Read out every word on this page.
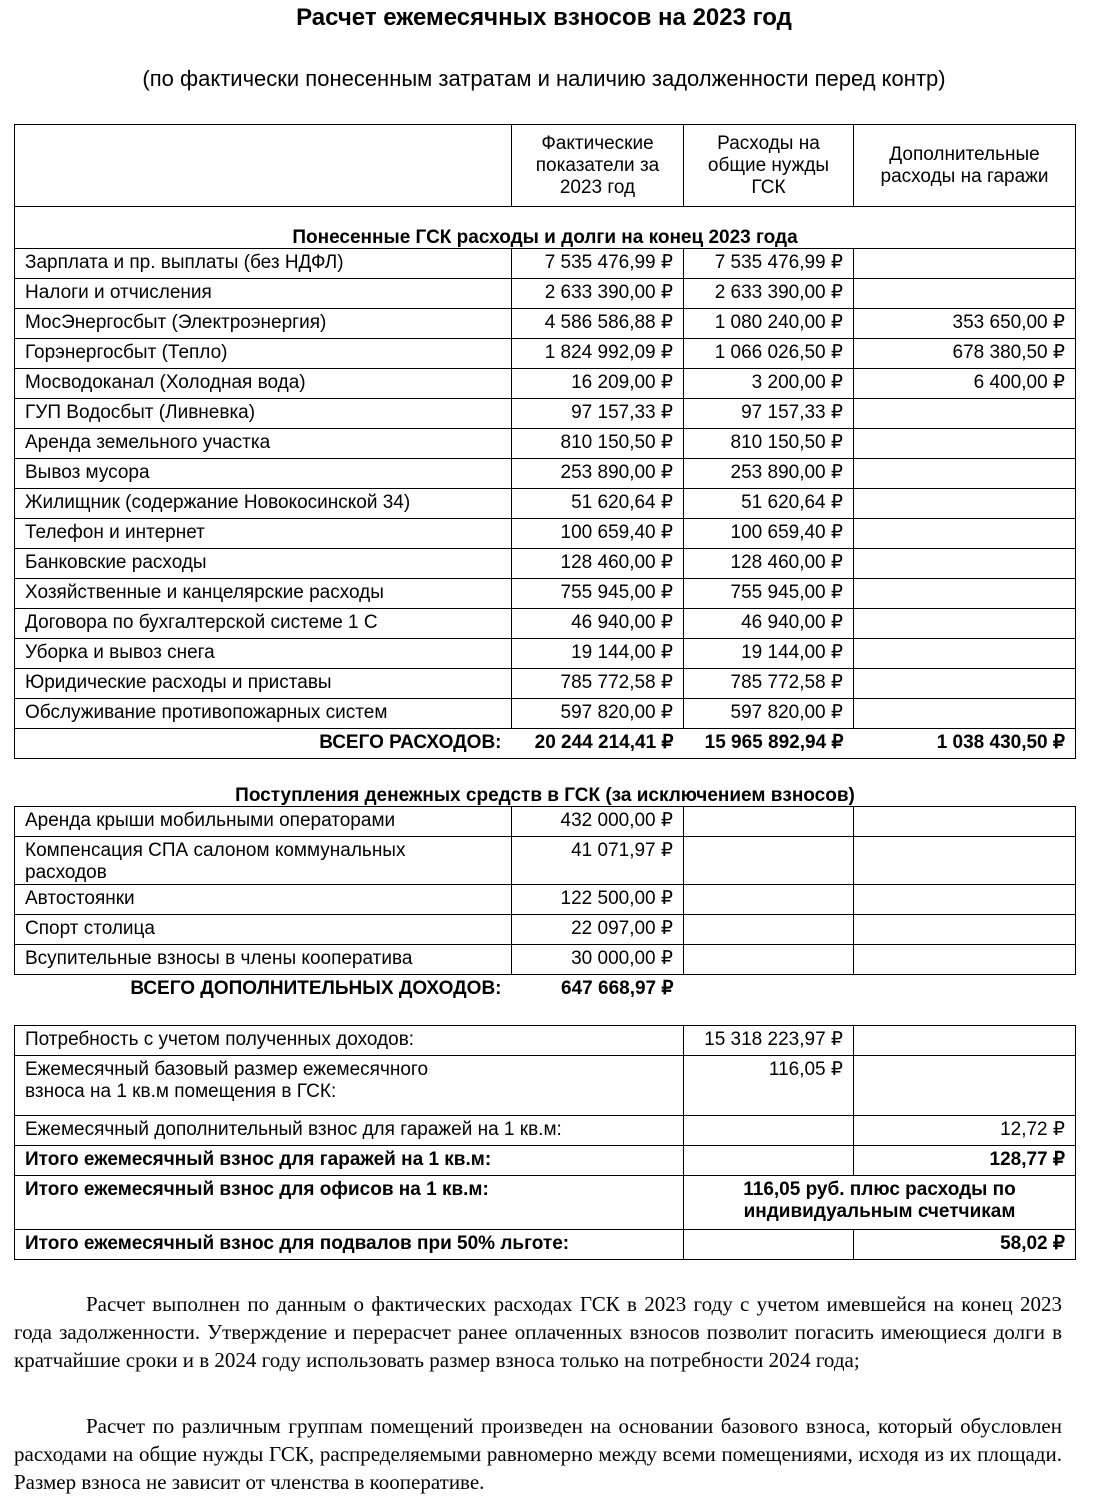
Расчет ежемесячных взносов на 2023 год
(по фактически понесенным затратам и наличию задолженности перед контр)
	Фактические показатели за 2023 год	Расходы на общие нужды ГСК	Дополнительные расходы на гаражи
Понесенные ГСК расходы и долги на конец 2023 года			
Зарплата и пр. выплаты (без НДФЛ)	7 535 476,99 ₽	7 535 476,99 ₽	
Налоги и отчисления	2 633 390,00 ₽	2 633 390,00 ₽	
МосЭнергосбыт (Электроэнергия)	4 586 586,88 ₽	1 080 240,00 ₽	353 650,00 ₽
Горэнергосбыт (Тепло)	1 824 992,09 ₽	1 066 026,50 ₽	678 380,50 ₽
Мосводоканал (Холодная вода)	16 209,00 ₽	3 200,00 ₽	6 400,00 ₽
ГУП Водосбыт (Ливневка)	97 157,33 ₽	97 157,33 ₽	
Аренда земельного участка	810 150,50 ₽	810 150,50 ₽	
Вывоз мусора	253 890,00 ₽	253 890,00 ₽	
Жилищник (содержание Новокосинской 34)	51 620,64 ₽	51 620,64 ₽	
Телефон и интернет	100 659,40 ₽	100 659,40 ₽	
Банковские расходы	128 460,00 ₽	128 460,00 ₽	
Хозяйственные и канцелярские расходы	755 945,00 ₽	755 945,00 ₽	
Договора по бухгалтерской системе 1 С	46 940,00 ₽	46 940,00 ₽	
Уборка и вывоз снега	19 144,00 ₽	19 144,00 ₽	
Юридические расходы и приставы	785 772,58 ₽	785 772,58 ₽	
Обслуживание противопожарных систем	597 820,00 ₽	597 820,00 ₽	
ВСЕГО РАСХОДОВ:	20 244 214,41 ₽	15 965 892,94 ₽	1 038 430,50 ₽
Поступления денежных средств в ГСК (за исключением взносов)			
Аренда крыши мобильными операторами	432 000,00 ₽		
Компенсация СПА салоном коммунальных расходов	41 071,97 ₽		
Автостоянки	122 500,00 ₽		
Спорт столица	22 097,00 ₽		
Всупительные взносы в члены кооператива	30 000,00 ₽		
ВСЕГО ДОПОЛНИТЕЛЬНЫХ ДОХОДОВ:	647 668,97 ₽		
Расчет выполнен по данным о фактических расходах ГСК в 2023 году с учетом имевшейся на конец 2023 года задолженности. Утверждение и перерасчет ранее оплаченных взносов позволит погасить имеющиеся долги в кратчайшие сроки и в 2024 году использовать размер взноса только на потребности 2024 года;
Расчет по различным группам помещений произведен на основании базового взноса, который обусловлен расходами на общие нужды ГСК, распределяемыми равномерно между всеми помещениями, исходя из их площади. Размер взноса не зависит от членства в кооперативе.
Потребность с учетом полученных доходов:	15 318 223,97 ₽	
Ежемесячный базовый размер ежемесячного взноса на 1 кв.м помещения в ГСК:	116,05 ₽	
Ежемесячный дополнительный взнос для гаражей на 1 кв.м:		12,72 ₽
Итого ежемесячный взнос для гаражей на 1 кв.м:		128,77 ₽
Итого ежемесячный взнос для офисов на 1 кв.м:	116,05 руб. плюс расходы по индивидуальным счетчикам	
Итого ежемесячный взнос для подвалов при 50% льготе:		58,02 ₽
